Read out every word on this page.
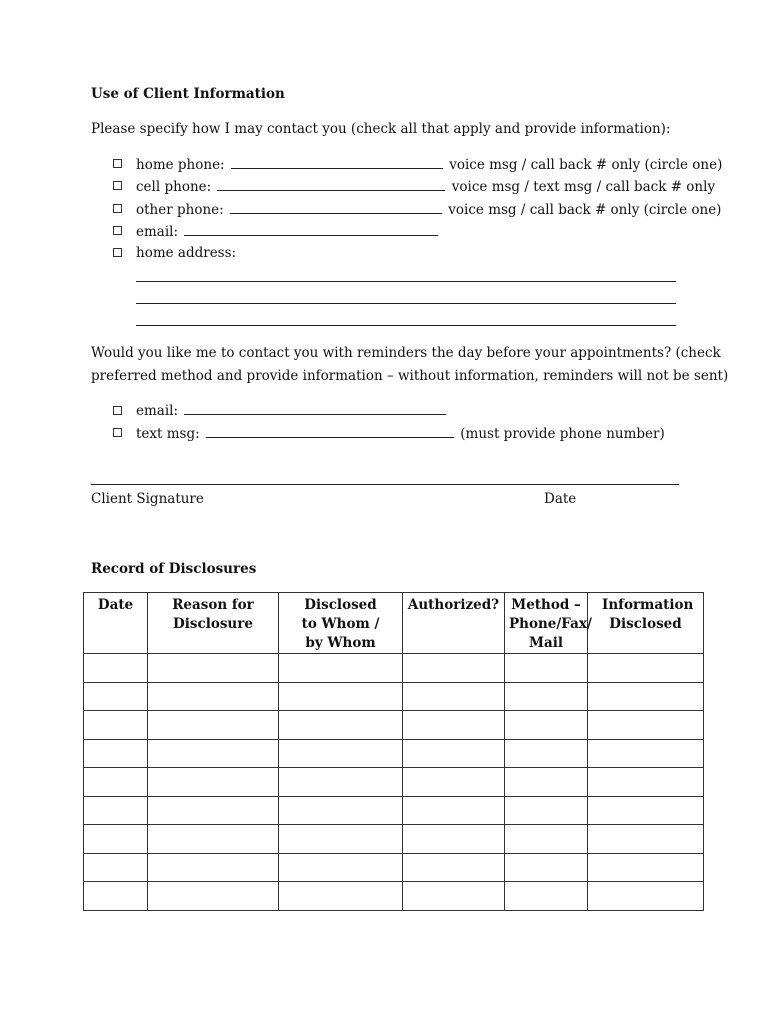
Use of Client Information
Please specify how I may contact you (check all that apply and provide information):
home phone:	voice msg / call back # only (circle one)
cell phone:	voice msg / text msg / call back # only
other phone:	voice msg / call back # only (circle one)
email:
home address:
Would you like me to contact you with reminders the day before your appointments? (check
preferred method and provide information – without information, reminders will not be sent)
email:
text msg:	(must provide phone number)
Client Signature	Date
Record of Disclosures
Date	Reason for Disclosure	Disclosed to Whom / by Whom	Authorized?	Method – Phone/Fax/ Mail	Information Disclosed
